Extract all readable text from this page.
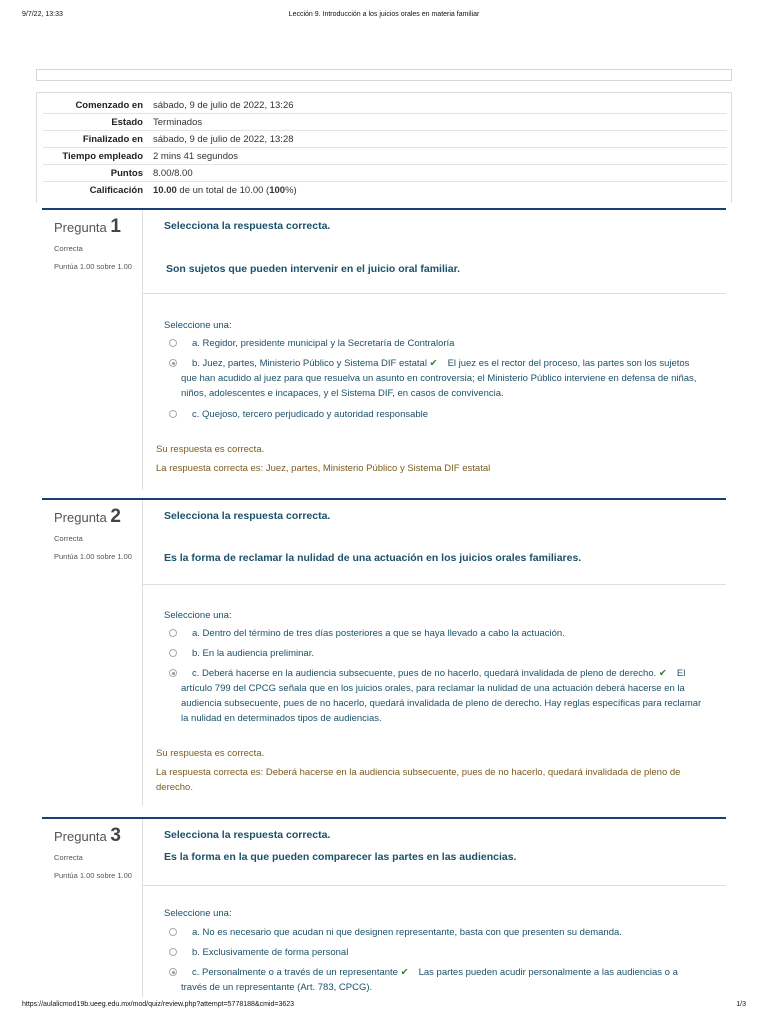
9/7/22, 13:33	Lección 9. Introducción a los juicios orales en materia familiar
Comenzado en	sábado, 9 de julio de 2022, 13:26
Estado	Terminados
Finalizado en	sábado, 9 de julio de 2022, 13:28
Tiempo empleado	2 mins 41 segundos
Puntos	8.00/8.00
Calificación	10.00 de un total de 10.00 (100%)
Pregunta 1
Correcta
Puntúa 1.00 sobre 1.00
Selecciona la respuesta correcta.
Son sujetos que pueden intervenir en el juicio oral familiar.
Seleccione una:
a. Regidor, presidente municipal y la Secretaría de Contraloría
b. Juez, partes, Ministerio Público y Sistema DIF estatal ✔ El juez es el rector del proceso, las partes son los sujetos que han acudido al juez para que resuelva un asunto en controversia; el Ministerio Público interviene en defensa de niñas, niños, adolescentes e incapaces, y el Sistema DIF, en casos de convivencia.
c. Quejoso, tercero perjudicado y autoridad responsable
Su respuesta es correcta.
La respuesta correcta es: Juez, partes, Ministerio Público y Sistema DIF estatal
Pregunta 2
Correcta
Puntúa 1.00 sobre 1.00
Selecciona la respuesta correcta.
Es la forma de reclamar la nulidad de una actuación en los juicios orales familiares.
Seleccione una:
a. Dentro del término de tres días posteriores a que se haya llevado a cabo la actuación.
b. En la audiencia preliminar.
c. Deberá hacerse en la audiencia subsecuente, pues de no hacerlo, quedará invalidada de pleno de derecho. ✔ El artículo 799 del CPCG señala que en los juicios orales, para reclamar la nulidad de una actuación deberá hacerse en la audiencia subsecuente, pues de no hacerlo, quedará invalidada de pleno de derecho. Hay reglas específicas para reclamar la nulidad en determinados tipos de audiencias.
Su respuesta es correcta.
La respuesta correcta es: Deberá hacerse en la audiencia subsecuente, pues de no hacerlo, quedará invalidada de pleno de derecho.
Pregunta 3
Correcta
Puntúa 1.00 sobre 1.00
Selecciona la respuesta correcta.
Es la forma en la que pueden comparecer las partes en las audiencias.
Seleccione una:
a. No es necesario que acudan ni que designen representante, basta con que presenten su demanda.
b. Exclusivamente de forma personal
c. Personalmente o a través de un representante ✔ Las partes pueden acudir personalmente a las audiencias o a través de un representante (Art. 783, CPCG).
https://aulalicmod19b.ueeg.edu.mx/mod/quiz/review.php?attempt=5778188&cmid=3623	1/3
